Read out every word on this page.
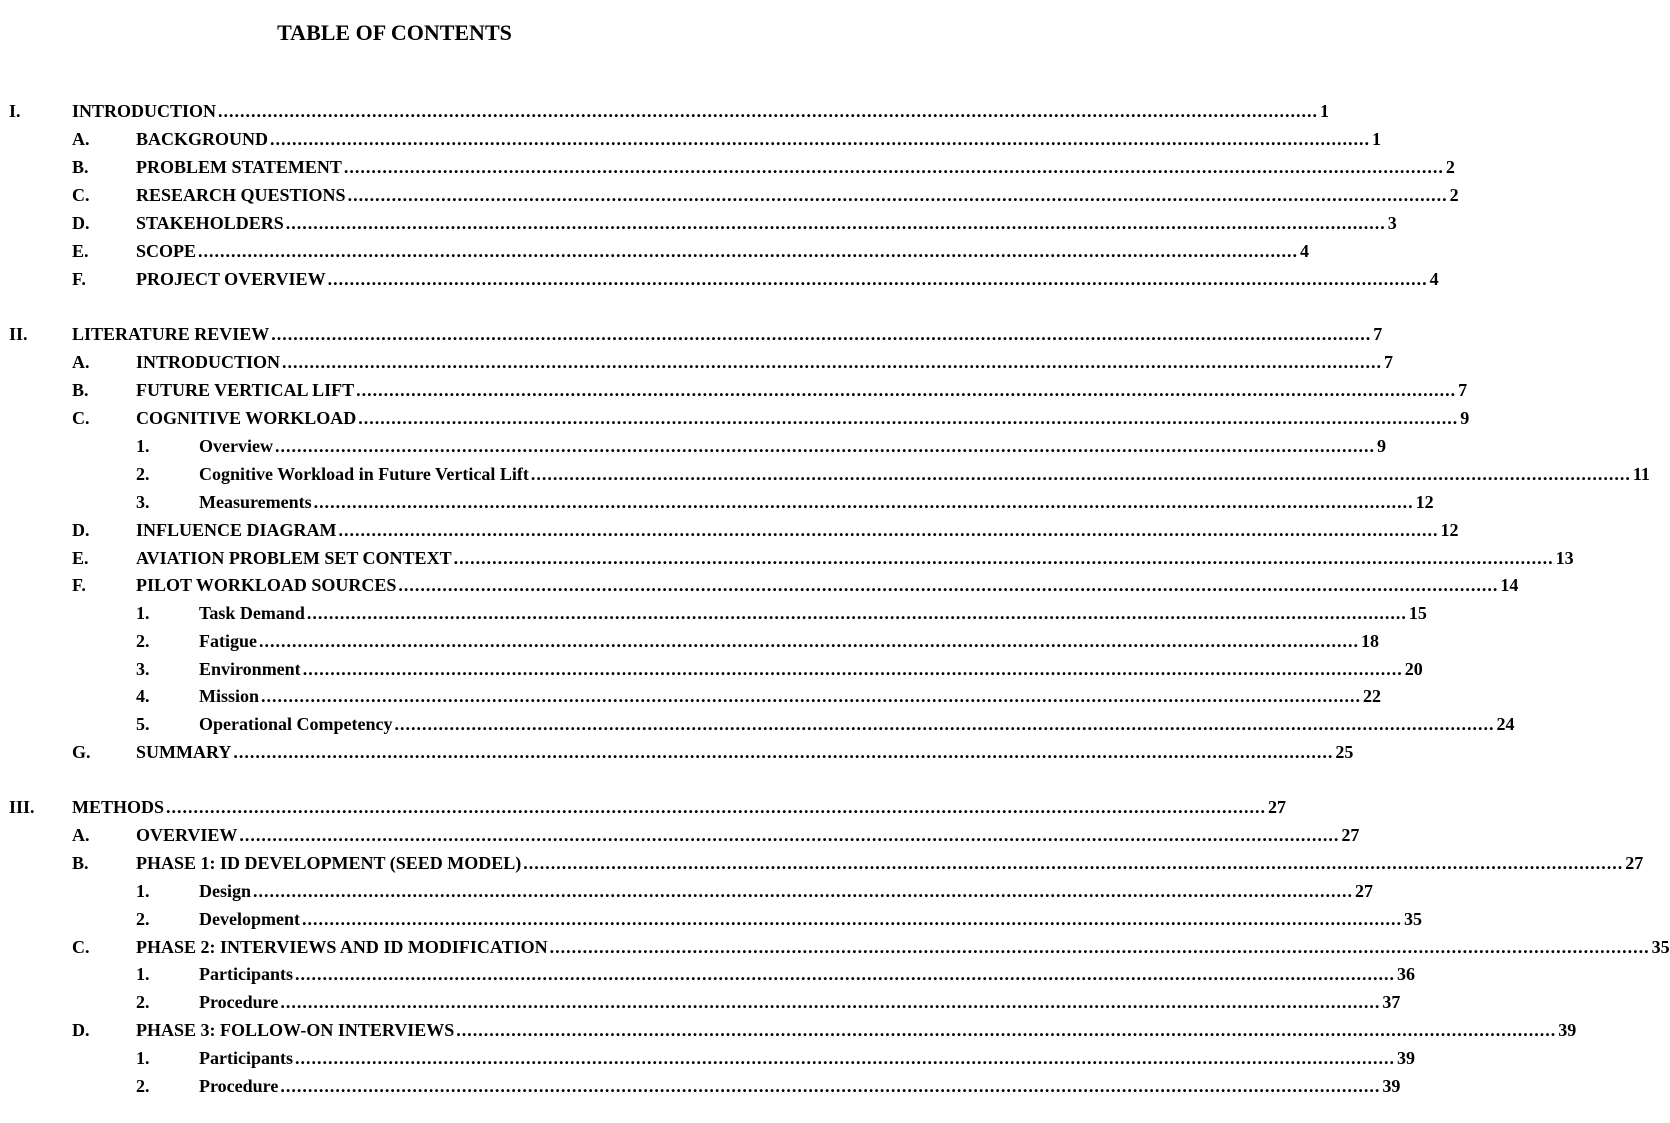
TABLE OF CONTENTS
I.	INTRODUCTION ........................................................................................................................................................................................................ 1
A.	BACKGROUND ........................................................................................................................................................................................................ 1
B.	PROBLEM STATEMENT ........................................................................................................................................................................................................ 2
C.	RESEARCH QUESTIONS ........................................................................................................................................................................................................ 2
D.	STAKEHOLDERS ........................................................................................................................................................................................................ 3
E.	SCOPE ........................................................................................................................................................................................................ 4
F.	PROJECT OVERVIEW ........................................................................................................................................................................................................ 4
II. LITERATURE REVIEW ........................................................................................................................................................................................................ 7
A.	INTRODUCTION ........................................................................................................................................................................................................ 7
B.	FUTURE VERTICAL LIFT ........................................................................................................................................................................................................ 7
C.	COGNITIVE WORKLOAD ........................................................................................................................................................................................................ 9
1.	Overview ........................................................................................................................................................................................................ 9
2.	Cognitive Workload in Future Vertical Lift ........................................................................................................................................................................................................ 11
3.	Measurements ........................................................................................................................................................................................................ 12
D.	INFLUENCE DIAGRAM ........................................................................................................................................................................................................ 12
E.	AVIATION PROBLEM SET CONTEXT ........................................................................................................................................................................................................ 13
F.	PILOT WORKLOAD SOURCES ........................................................................................................................................................................................................ 14
1.	Task Demand ........................................................................................................................................................................................................ 15
2.	Fatigue ........................................................................................................................................................................................................ 18
3.	Environment ........................................................................................................................................................................................................ 20
4.	Mission ........................................................................................................................................................................................................ 22
5.	Operational Competency ........................................................................................................................................................................................................ 24
G.	SUMMARY ........................................................................................................................................................................................................ 25
III. METHODS ........................................................................................................................................................................................................ 27
A.	OVERVIEW ........................................................................................................................................................................................................ 27
B.	PHASE 1: ID DEVELOPMENT (SEED MODEL) ........................................................................................................................................................................................................ 27
1.	Design ........................................................................................................................................................................................................ 27
2.	Development ........................................................................................................................................................................................................ 35
C.	PHASE 2: INTERVIEWS AND ID MODIFICATION ........................................................................................................................................................................................................ 35
1.	Participants ........................................................................................................................................................................................................ 36
2.	Procedure ........................................................................................................................................................................................................ 37
D.	PHASE 3: FOLLOW-ON INTERVIEWS ........................................................................................................................................................................................................ 39
1.	Participants ........................................................................................................................................................................................................ 39
2.	Procedure ........................................................................................................................................................................................................ 39
